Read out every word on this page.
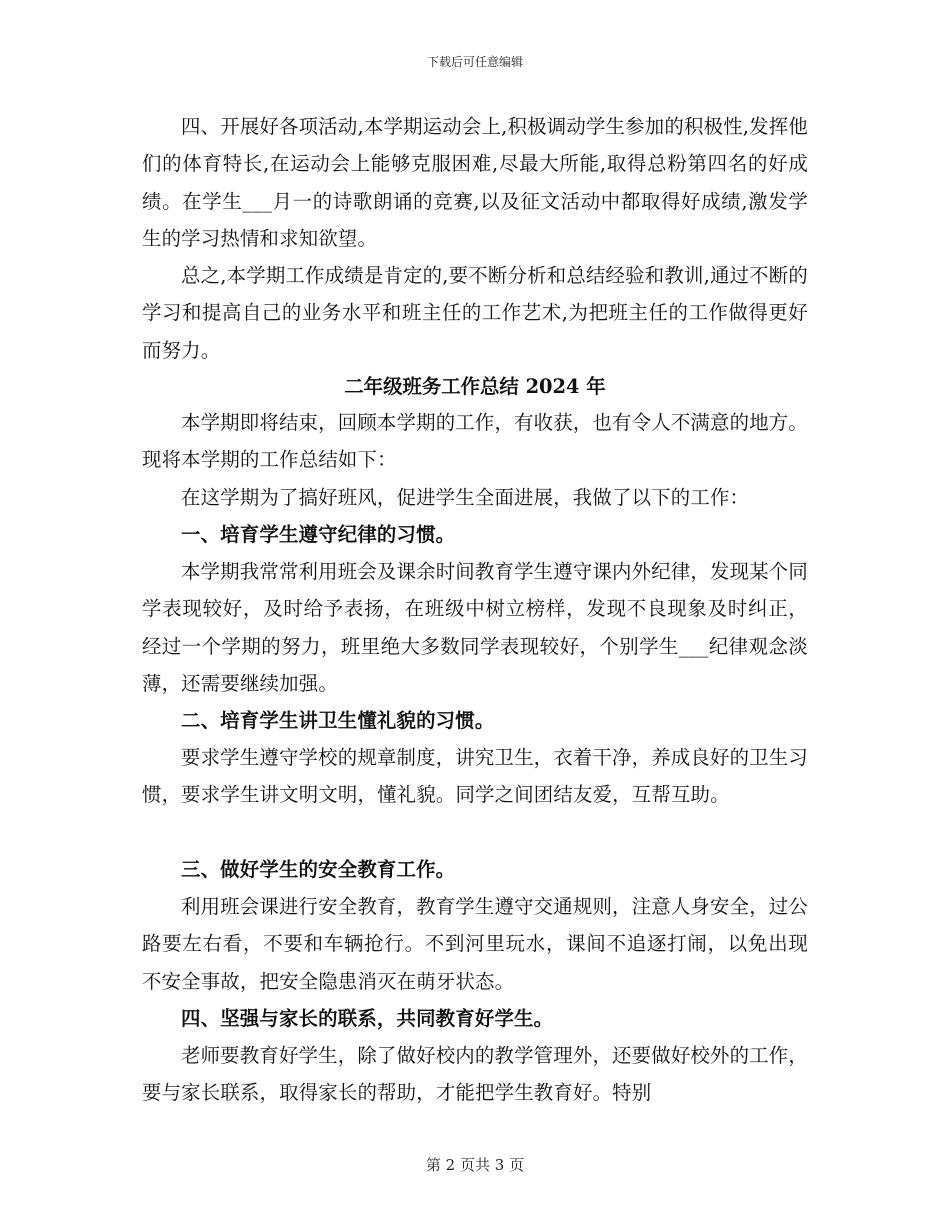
下载后可任意编辑

四、开展好各项活动,本学期运动会上,积极调动学生参加的积极性,发挥他们的体育特长,在运动会上能够克服困难,尽最大所能,取得总粉第四名的好成绩。在学生___月一的诗歌朗诵的竞赛,以及征文活动中都取得好成绩,激发学生的学习热情和求知欲望。

总之,本学期工作成绩是肯定的,要不断分析和总结经验和教训,通过不断的学习和提高自己的业务水平和班主任的工作艺术,为把班主任的工作做得更好而努力。

二年级班务工作总结 2024 年

本学期即将结束，回顾本学期的工作，有收获，也有令人不满意的地方。现将本学期的工作总结如下：

在这学期为了搞好班风，促进学生全面进展，我做了以下的工作：

一、培育学生遵守纪律的习惯。

本学期我常常利用班会及课余时间教育学生遵守课内外纪律，发现某个同学表现较好，及时给予表扬，在班级中树立榜样，发现不良现象及时纠正，经过一个学期的努力，班里绝大多数同学表现较好，个别学生___纪律观念淡薄，还需要继续加强。

二、培育学生讲卫生懂礼貌的习惯。

要求学生遵守学校的规章制度，讲究卫生，衣着干净，养成良好的卫生习惯，要求学生讲文明文明，懂礼貌。同学之间团结友爱，互帮互助。

三、做好学生的安全教育工作。

利用班会课进行安全教育，教育学生遵守交通规则，注意人身安全，过公路要左右看，不要和车辆抢行。不到河里玩水，课间不追逐打闹，以免出现不安全事故，把安全隐患消灭在萌牙状态。

四、坚强与家长的联系，共同教育好学生。

老师要教育好学生，除了做好校内的教学管理外，还要做好校外的工作，要与家长联系，取得家长的帮助，才能把学生教育好。特别

第 2 页共 3 页
